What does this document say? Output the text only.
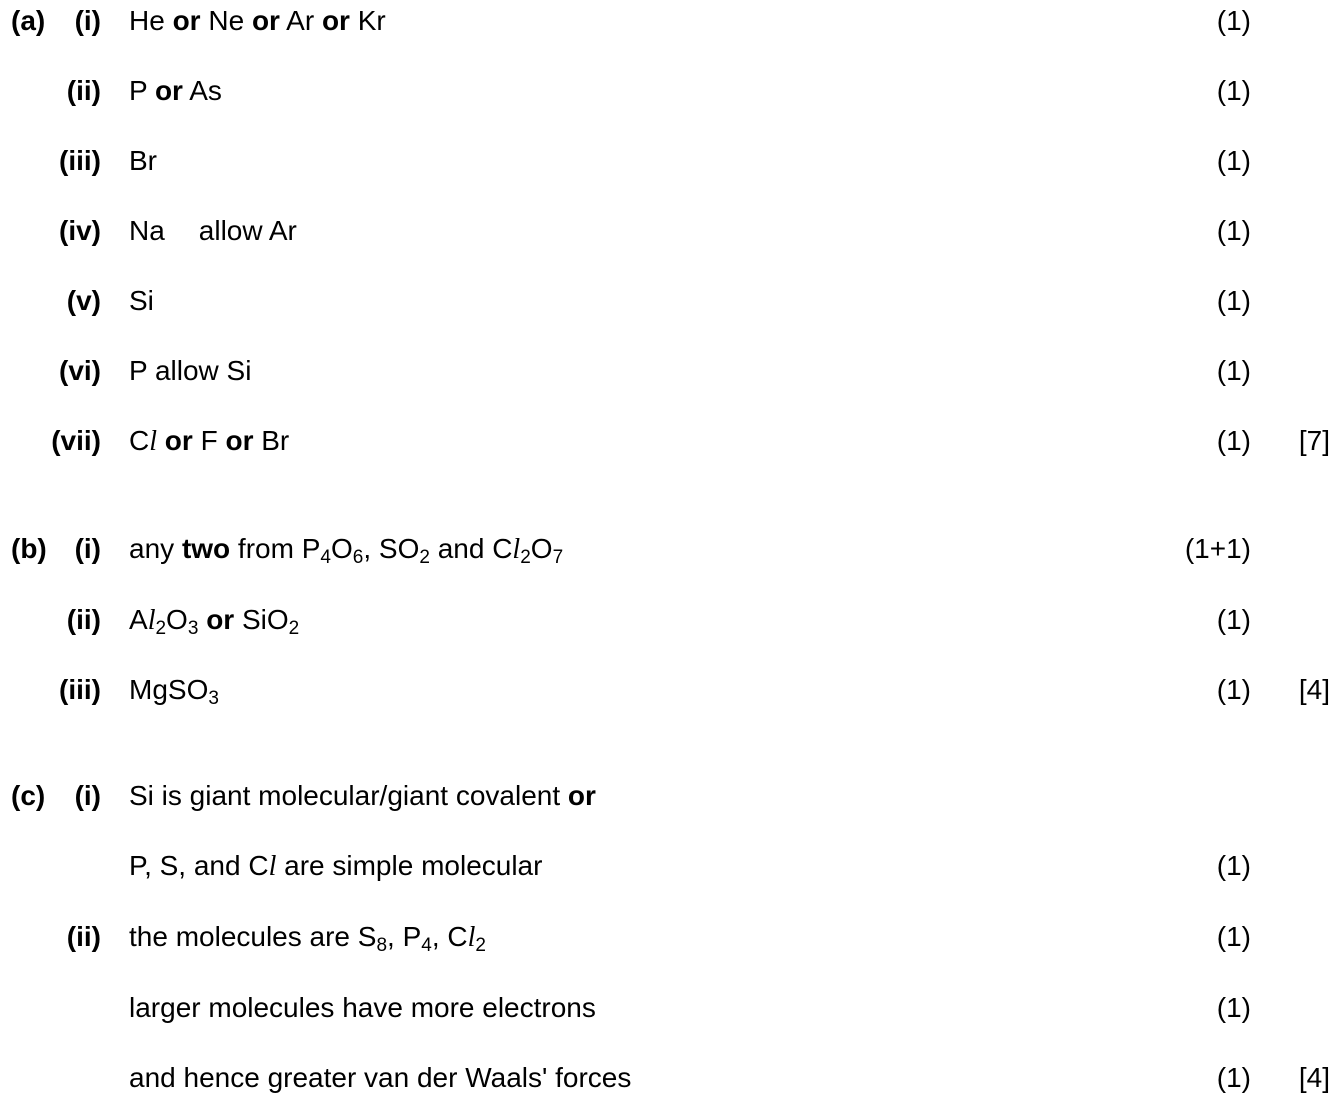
(a) (i) He or Ne or Ar or Kr	(1)
(ii) P or As	(1)
(iii) Br	(1)
(iv) Na allow Ar	(1)
(v) Si	(1)
(vi) P allow Si	(1)
(vii) Cl or F or Br	(1) [7]
(b) (i) any two from $P_4O_6$, $SO_2$ and $Cl_2O_7$	(1+1)
(ii) $Al_2O_3$ or SiO$_2$	(1)
(iii) MgSO$_3$	(1) [4]
(c) (i) Si is giant molecular/giant covalent or
P, S, and Cl are simple molecular	(1)
(ii) the molecules are $S_8$, $P_4$, $Cl_2$	(1)
larger molecules have more electrons	(1)
and hence greater van der Waals' forces	(1) [4]
